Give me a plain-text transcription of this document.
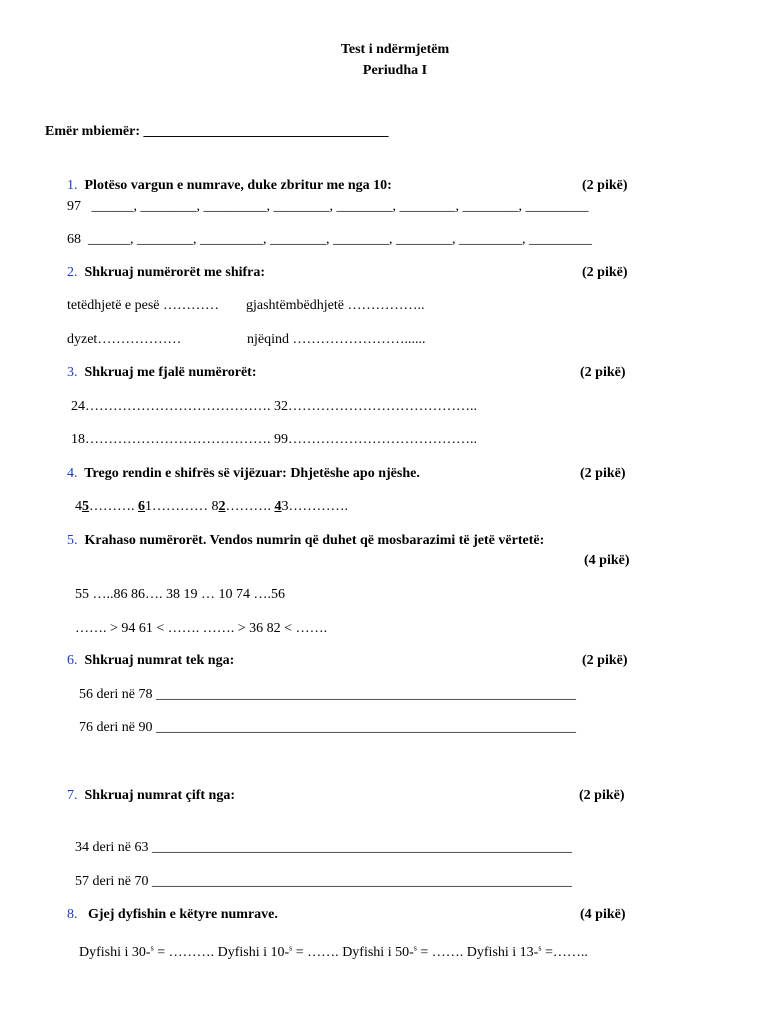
Test i ndërmjetëm
Periudha I
Emër mbiemër: ___________________________________
1. Plotëso vargun e numrave, duke zbritur me nga 10:	(2 pikë)
97   ______, ________, _________, ________, ________, ________, ________, _________
68  ______, ________, _________, ________, ________, ________, _________, _________
2. Shkruaj numërorët me shifra:	(2 pikë)
tetëdhjetë e pesë ………… gjashtëmbëdhjetë ……………..
dyzet………………	njëqind ……………………......
3. Shkruaj me fjalë numërorët:	(2 pikë)
24…………………………………. 32…………………………………..
18…………………………………. 99…………………………………..
4. Trego rendin e shifrës së vijëzuar: Dhjetëshe apo njëshe.	(2 pikë)
45………. 61………… 82………. 43………….
5. Krahaso numërorët. Vendos numrin që duhet që mosbarazimi të jetë vërtetë:
(4 pikë)
55 …..86 86…. 38 19 … 10 74 ….56
……. > 94 61 < ……. ……. > 36 82 < …….
6. Shkruaj numrat tek nga:	(2 pikë)
56 deri në 78 ____________________________________________________________
76 deri në 90 ____________________________________________________________
7. Shkruaj numrat çift nga:	(2 pikë)
34 deri në 63 ____________________________________________________________
57 deri në 70 ____________________________________________________________
8. Gjej dyfishin e këtyre numrave.	(4 pikë)
Dyfishi i 30-$^s$ = ………. Dyfishi i 10-$^s$ = ……. Dyfishi i 50-$^s$ = ……. Dyfishi i 13-$^s$ =……..
